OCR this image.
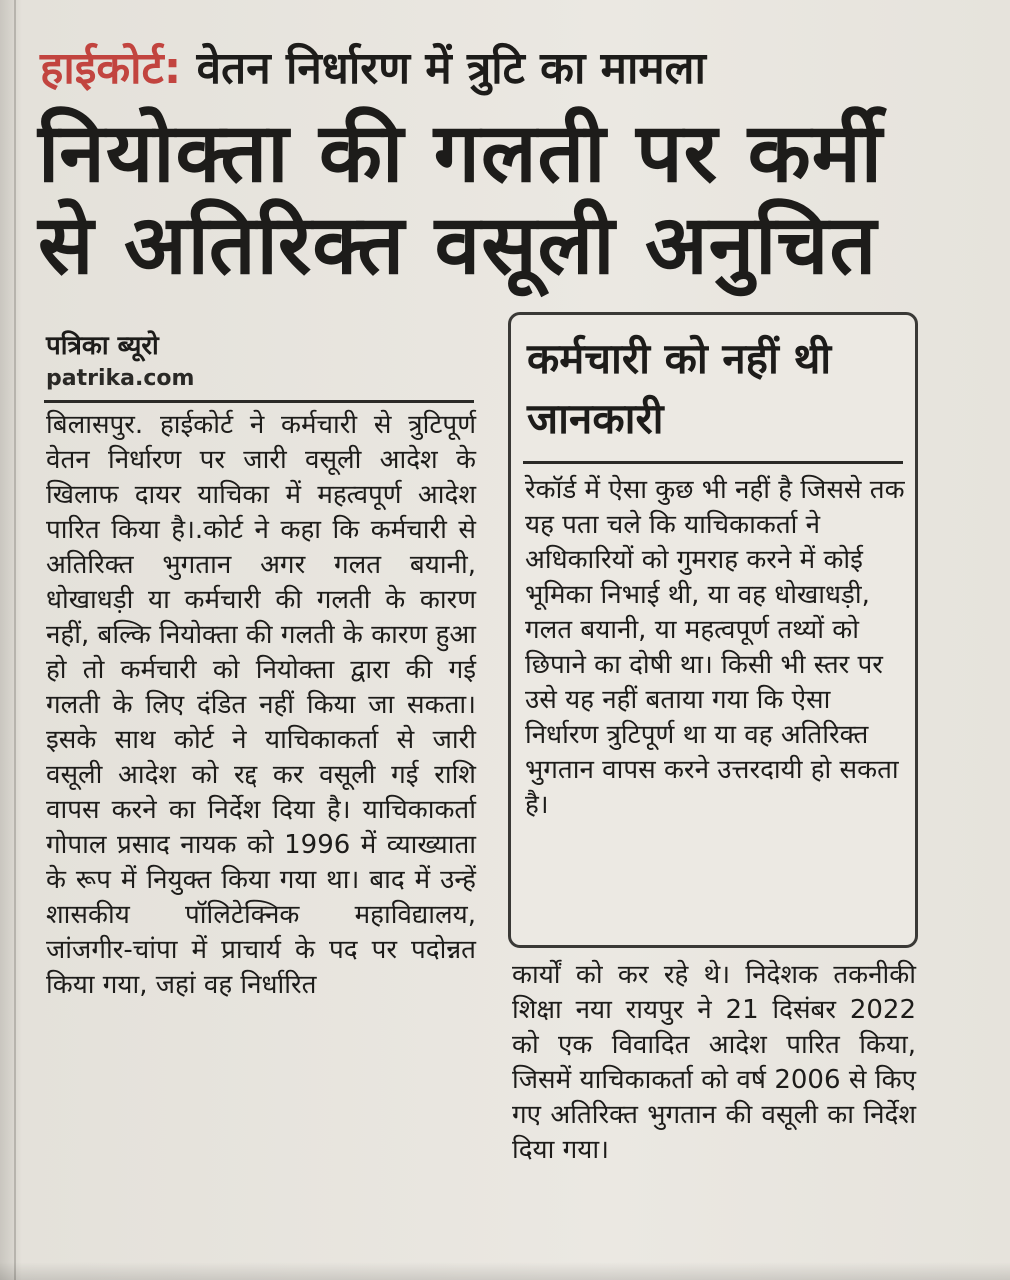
हाईकोर्ट: वेतन निर्धारण में त्रुटि का मामला
नियोक्ता की गलती पर कर्मी
से अतिरिक्त वसूली अनुचित
पत्रिका ब्यूरो
patrika.com
बिलासपुर. हाईकोर्ट ने कर्मचारी से त्रुटिपूर्ण वेतन निर्धारण पर जारी वसूली आदेश के खिलाफ दायर याचिका में महत्वपूर्ण आदेश पारित किया है।.कोर्ट ने कहा कि कर्मचारी से अतिरिक्त भुगतान अगर गलत बयानी, धोखाधड़ी या कर्मचारी की गलती के कारण नहीं, बल्कि नियोक्ता की गलती के कारण हुआ हो तो कर्मचारी को नियोक्ता द्वारा की गई गलती के लिए दंडित नहीं किया जा सकता। इसके साथ कोर्ट ने याचिकाकर्ता से जारी वसूली आदेश को रद्द कर वसूली गई राशि वापस करने का निर्देश दिया है। याचिकाकर्ता गोपाल प्रसाद नायक को 1996 में व्याख्याता के रूप में नियुक्त किया गया था। बाद में उन्हें शासकीय पॉलिटेक्निक महाविद्यालय, जांजगीर-चांपा में प्राचार्य के पद पर पदोन्नत किया गया, जहां वह निर्धारित
कर्मचारी को नहीं थी जानकारी
रेकॉर्ड में ऐसा कुछ भी नहीं है जिससे तक यह पता चले कि याचिकाकर्ता ने अधिकारियों को गुमराह करने में कोई भूमिका निभाई थी, या वह धोखाधड़ी, गलत बयानी, या महत्वपूर्ण तथ्यों को छिपाने का दोषी था। किसी भी स्तर पर उसे यह नहीं बताया गया कि ऐसा निर्धारण त्रुटिपूर्ण था या वह अतिरिक्त भुगतान वापस करने उत्तरदायी हो सकता है।
कार्यों को कर रहे थे। निदेशक तकनीकी शिक्षा नया रायपुर ने 21 दिसंबर 2022 को एक विवादित आदेश पारित किया, जिसमें याचिकाकर्ता को वर्ष 2006 से किए गए अतिरिक्त भुगतान की वसूली का निर्देश दिया गया।
